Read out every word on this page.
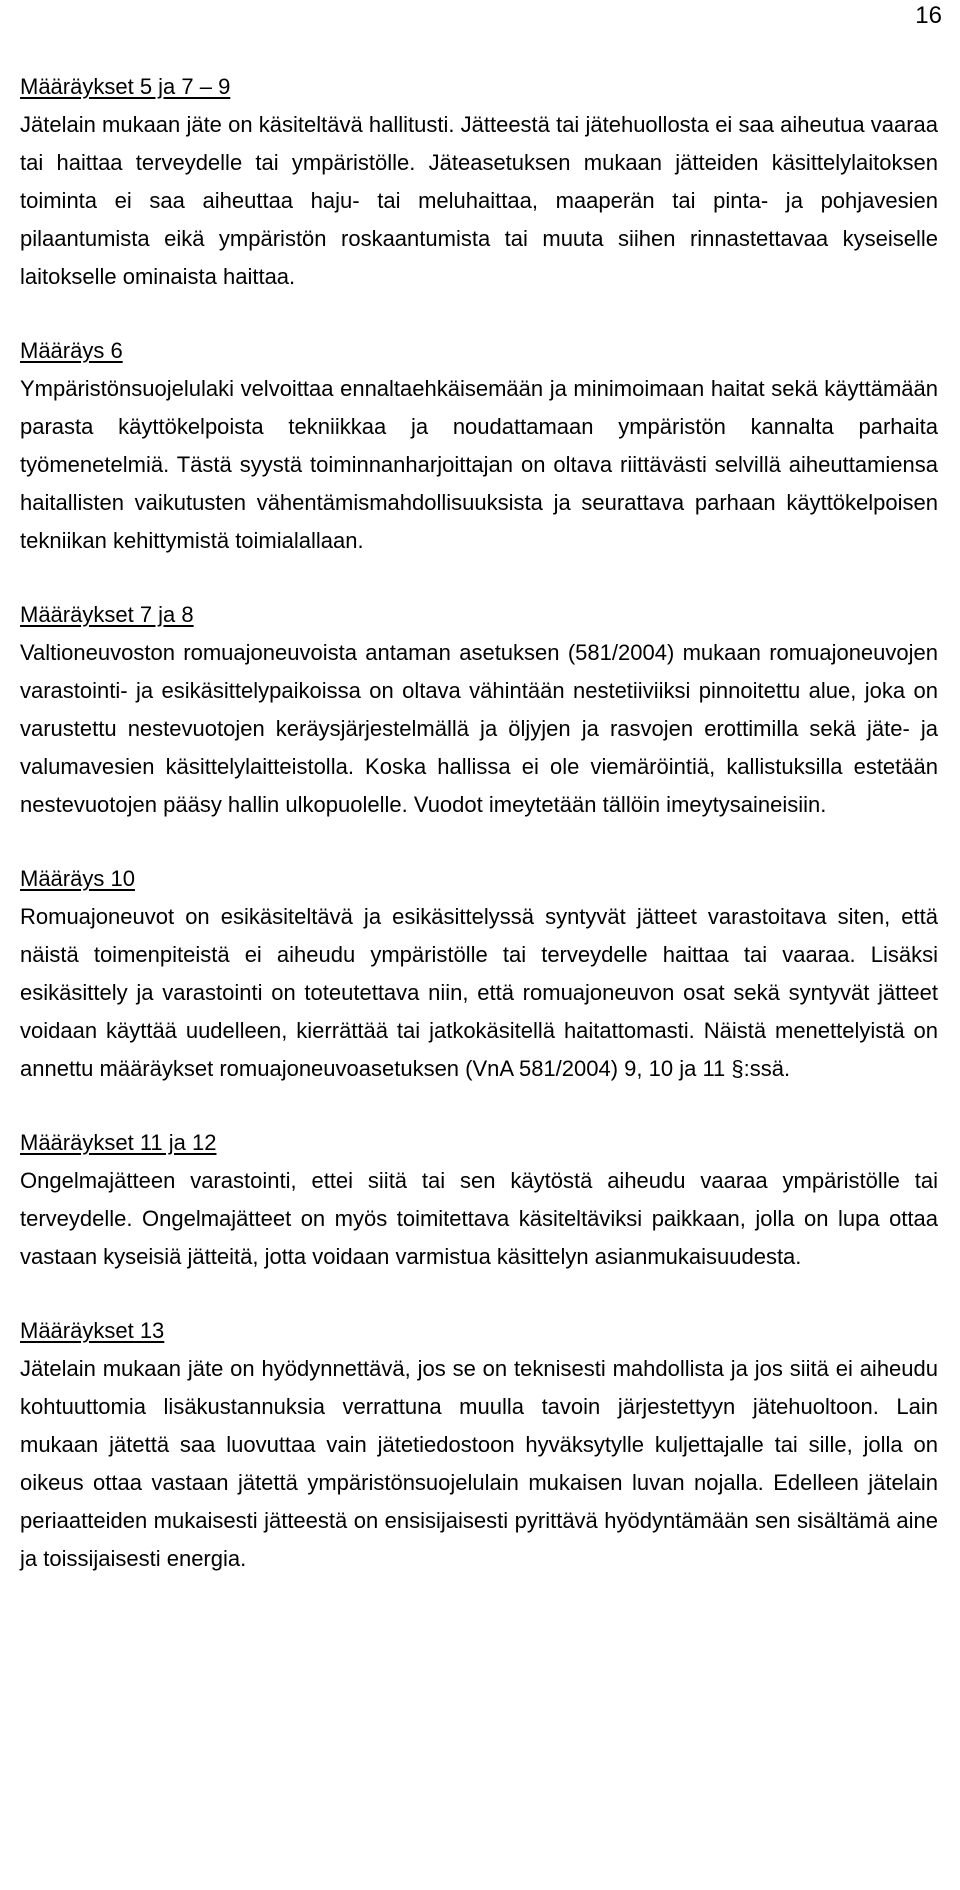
16
Määräykset 5 ja 7 – 9

Jätelain mukaan jäte on käsiteltävä hallitusti. Jätteestä tai jätehuollosta ei saa aiheutua vaaraa tai haittaa terveydelle tai ympäristölle. Jäteasetuksen mukaan jätteiden käsittelylaitoksen toiminta ei saa aiheuttaa haju- tai meluhaittaa, maaperän tai pinta- ja pohjavesien pilaantumista eikä ympäristön roskaantumista tai muuta siihen rinnastettavaa kyseiselle laitokselle ominaista haittaa.

Määräys 6

Ympäristönsuojelulaki velvoittaa ennaltaehkäisemään ja minimoimaan haitat sekä käyttämään parasta käyttökelpoista tekniikkaa ja noudattamaan ympäristön kannalta parhaita työmenetelmiä. Tästä syystä toiminnanharjoittajan on oltava riittävästi selvillä aiheuttamiensa haitallisten vaikutusten vähentämismahdollisuuksista ja seurattava parhaan käyttökelpoisen tekniikan kehittymistä toimialallaan.

Määräykset 7 ja 8

Valtioneuvoston romuajoneuvoista antaman asetuksen (581/2004) mukaan romuajoneuvojen varastointi- ja esikäsittelypaikoissa on oltava vähintään nestetiiviiksi pinnoitettu alue, joka on varustettu nestevuotojen keräysjärjestelmällä ja öljyjen ja rasvojen erottimilla sekä jäte- ja valumavesien käsittelylaitteistolla. Koska hallissa ei ole viemäröintiä, kallistuksilla estetään nestevuotojen pääsy hallin ulkopuolelle. Vuodot imeytetään tällöin imeytysaineisiin.

Määräys 10

Romuajoneuvot on esikäsiteltävä ja esikäsittelyssä syntyvät jätteet varastoitava siten, että näistä toimenpiteistä ei aiheudu ympäristölle tai terveydelle haittaa tai vaaraa. Lisäksi esikäsittely ja varastointi on toteutettava niin, että romuajoneuvon osat sekä syntyvät jätteet voidaan käyttää uudelleen, kierrättää tai jatkokäsitellä haitattomasti. Näistä menettelyistä on annettu määräykset romuajoneuvoasetuksen (VnA 581/2004) 9, 10 ja 11 §:ssä.

Määräykset 11 ja 12

Ongelmajätteen varastointi, ettei siitä tai sen käytöstä aiheudu vaaraa ympäristölle tai terveydelle. Ongelmajätteet on myös toimitettava käsiteltäviksi paikkaan, jolla on lupa ottaa vastaan kyseisiä jätteitä, jotta voidaan varmistua käsittelyn asianmukaisuudesta.

Määräykset 13

Jätelain mukaan jäte on hyödynnettävä, jos se on teknisesti mahdollista ja jos siitä ei aiheudu kohtuuttomia lisäkustannuksia verrattuna muulla tavoin järjestettyyn jätehuoltoon. Lain mukaan jätettä saa luovuttaa vain jätetiedostoon hyväksytylle kuljettajalle tai sille, jolla on oikeus ottaa vastaan jätettä ympäristönsuojelulain mukaisen luvan nojalla. Edelleen jätelain periaatteiden mukaisesti jätteestä on ensisijaisesti pyrittävä hyödyntämään sen sisältämä aine ja toissijaisesti energia.
